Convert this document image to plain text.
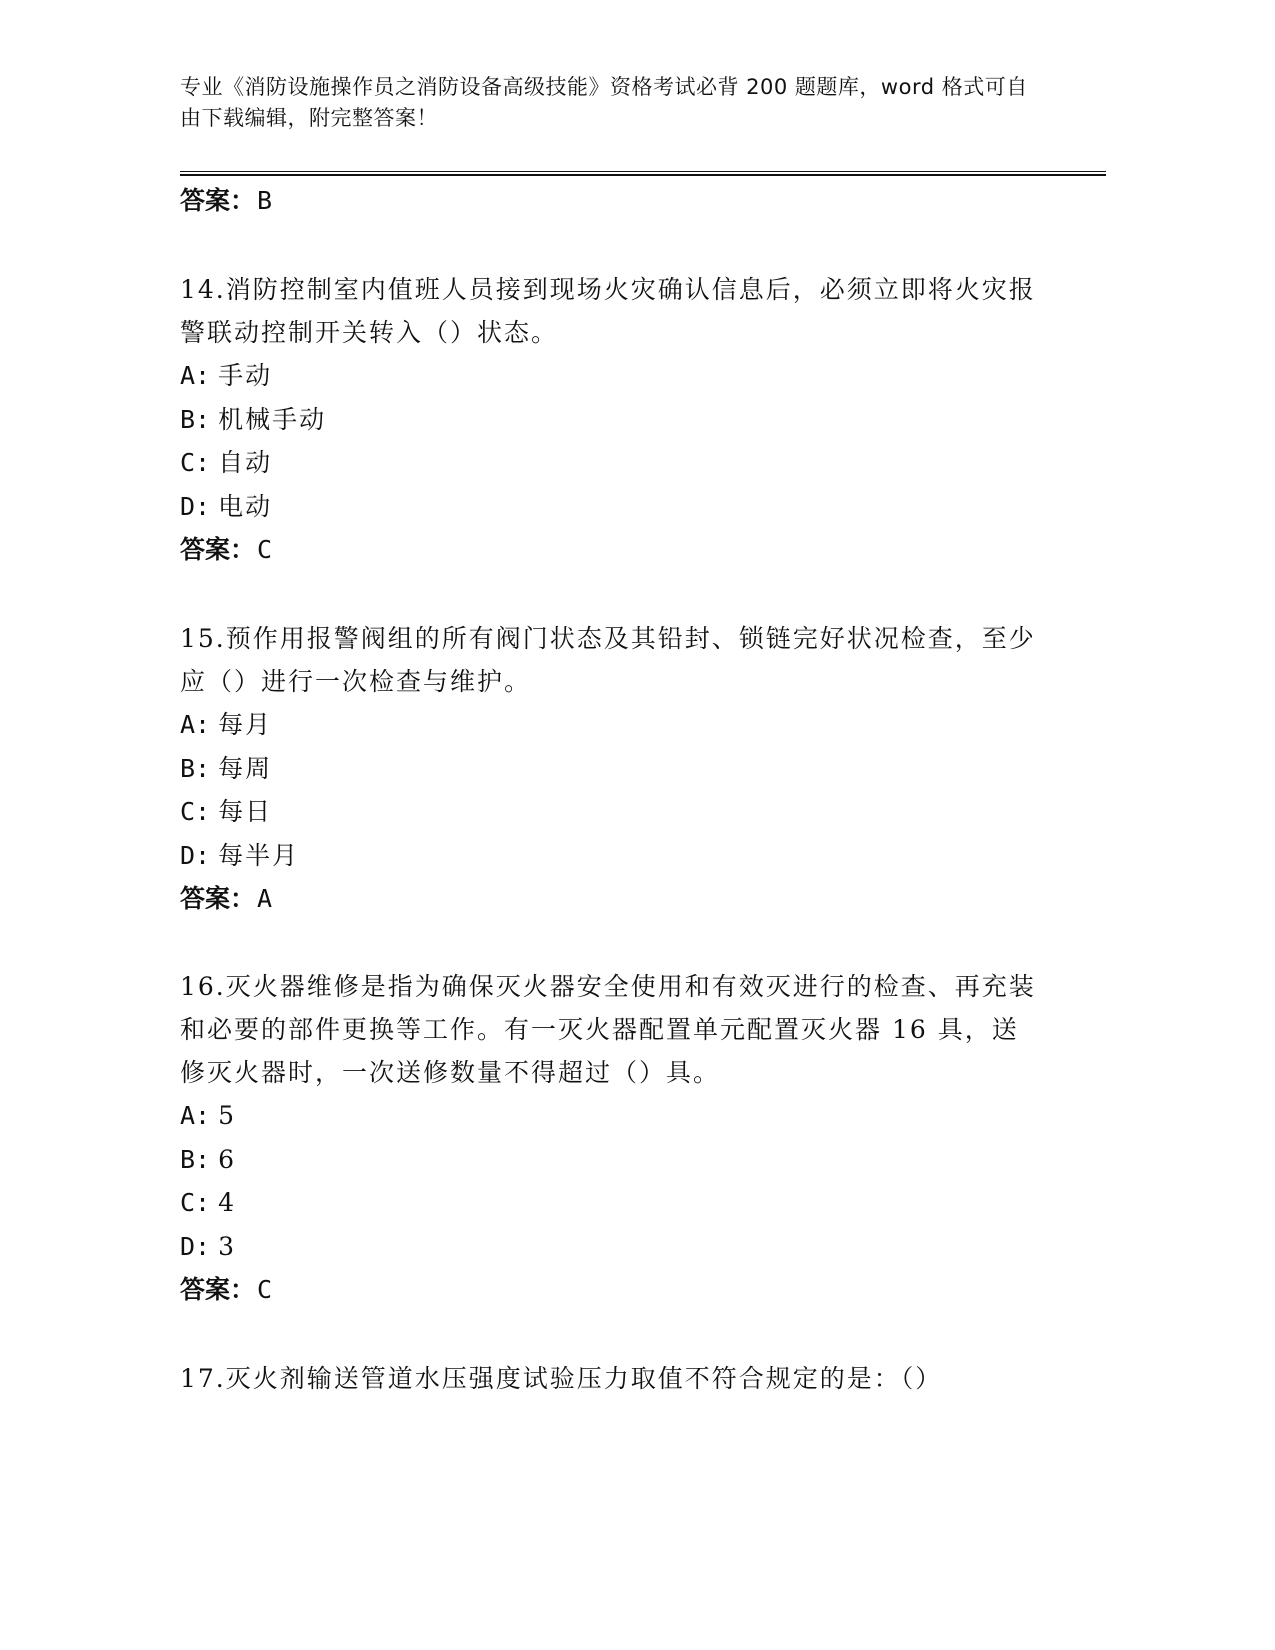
专业《消防设施操作员之消防设备高级技能》资格考试必背 200 题题库，word 格式可自由下载编辑，附完整答案！
答案：B

14.消防控制室内值班人员接到现场火灾确认信息后，必须立即将火灾报警联动控制开关转入（）状态。

A: 手动
B: 机械手动
C: 自动
D: 电动
答案：C

15.预作用报警阀组的所有阀门状态及其铅封、锁链完好状况检查，至少应（）进行一次检查与维护。

A: 每月
B: 每周
C: 每日
D: 每半月
答案：A

16.灭火器维修是指为确保灭火器安全使用和有效灭进行的检查、再充装和必要的部件更换等工作。有一灭火器配置单元配置灭火器 16 具，送修灭火器时，一次送修数量不得超过（）具。

A: 5
B: 6
C: 4
D: 3
答案：C

17.灭火剂输送管道水压强度试验压力取值不符合规定的是：（）
